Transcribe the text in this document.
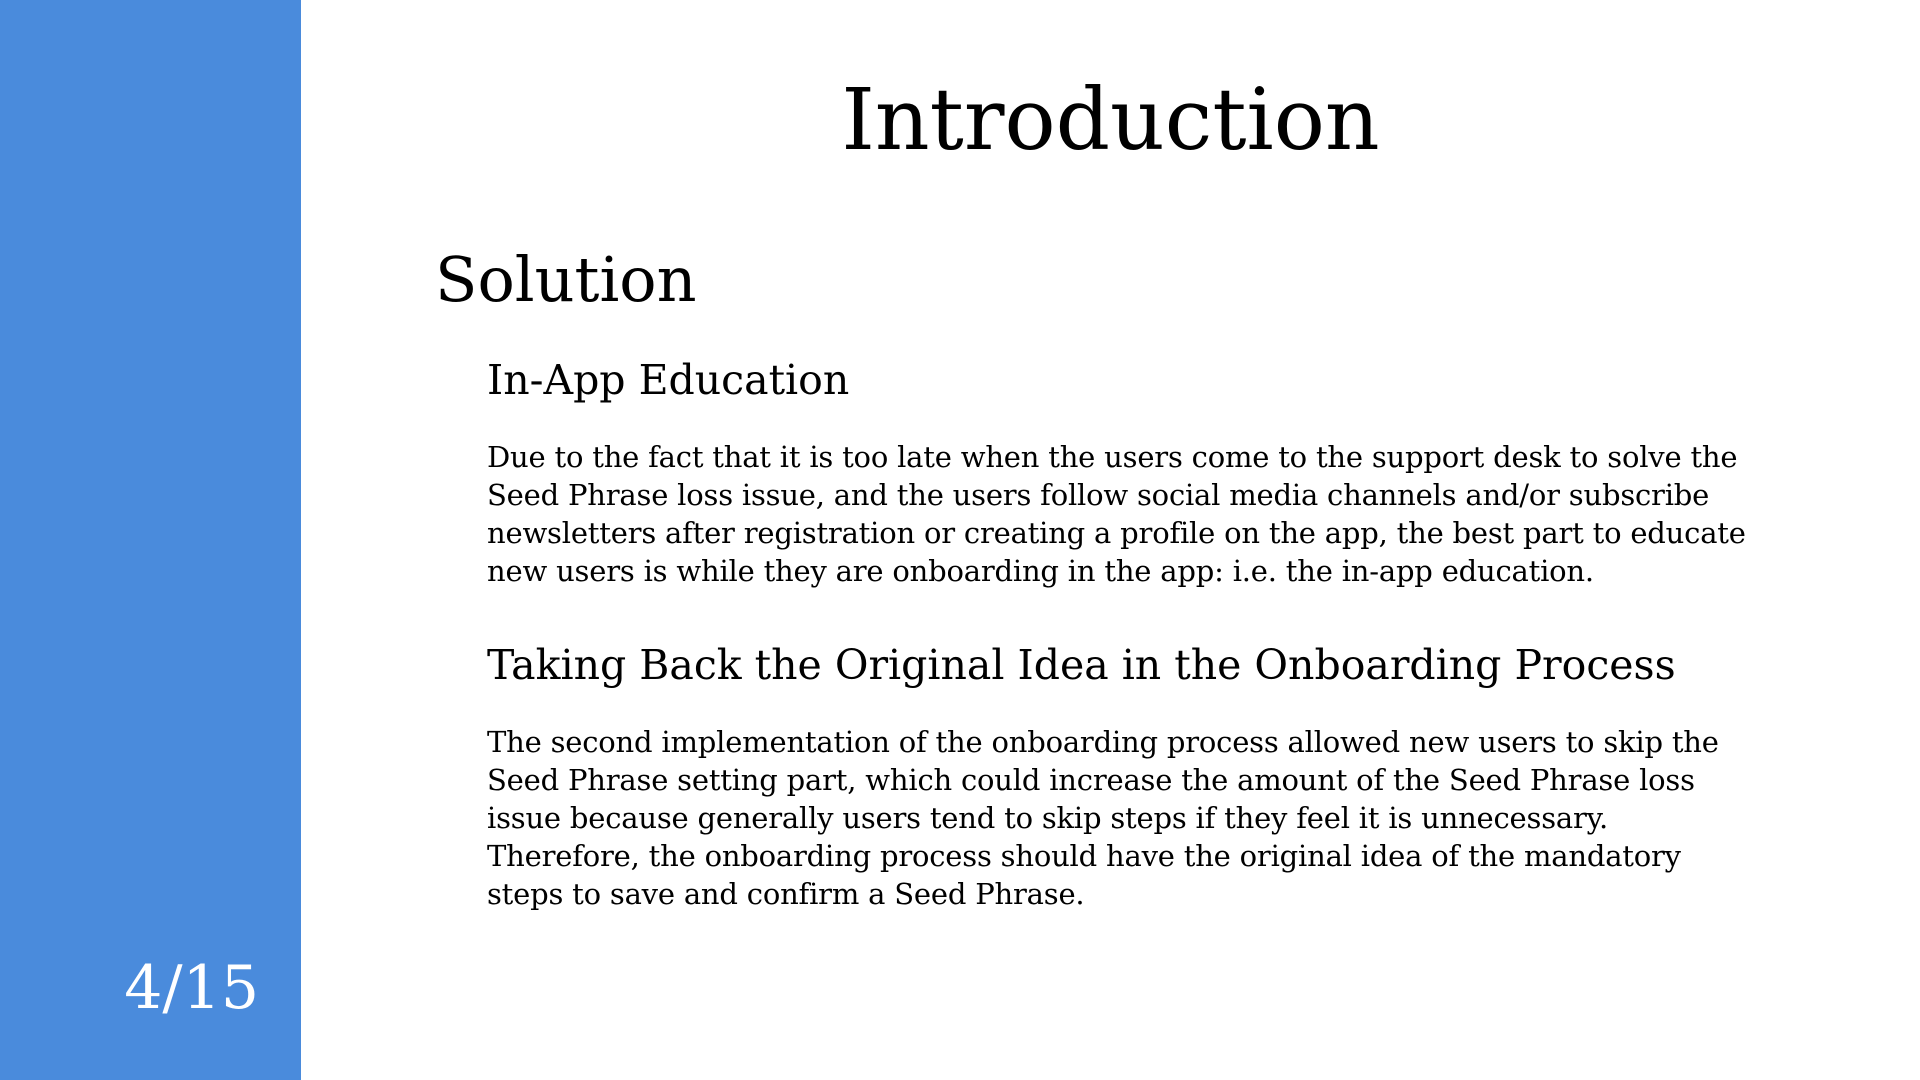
4/15
Introduction
Solution
In-App Education

Due to the fact that it is too late when the users come to the support desk to solve the Seed Phrase loss issue, and the users follow social media channels and/or subscribe newsletters after registration or creating a profile on the app, the best part to educate new users is while they are onboarding in the app: i.e. the in-app education.

Taking Back the Original Idea in the Onboarding Process

The second implementation of the onboarding process allowed new users to skip the Seed Phrase setting part, which could increase the amount of the Seed Phrase loss issue because generally users tend to skip steps if they feel it is unnecessary. Therefore, the onboarding process should have the original idea of the mandatory steps to save and confirm a Seed Phrase.
